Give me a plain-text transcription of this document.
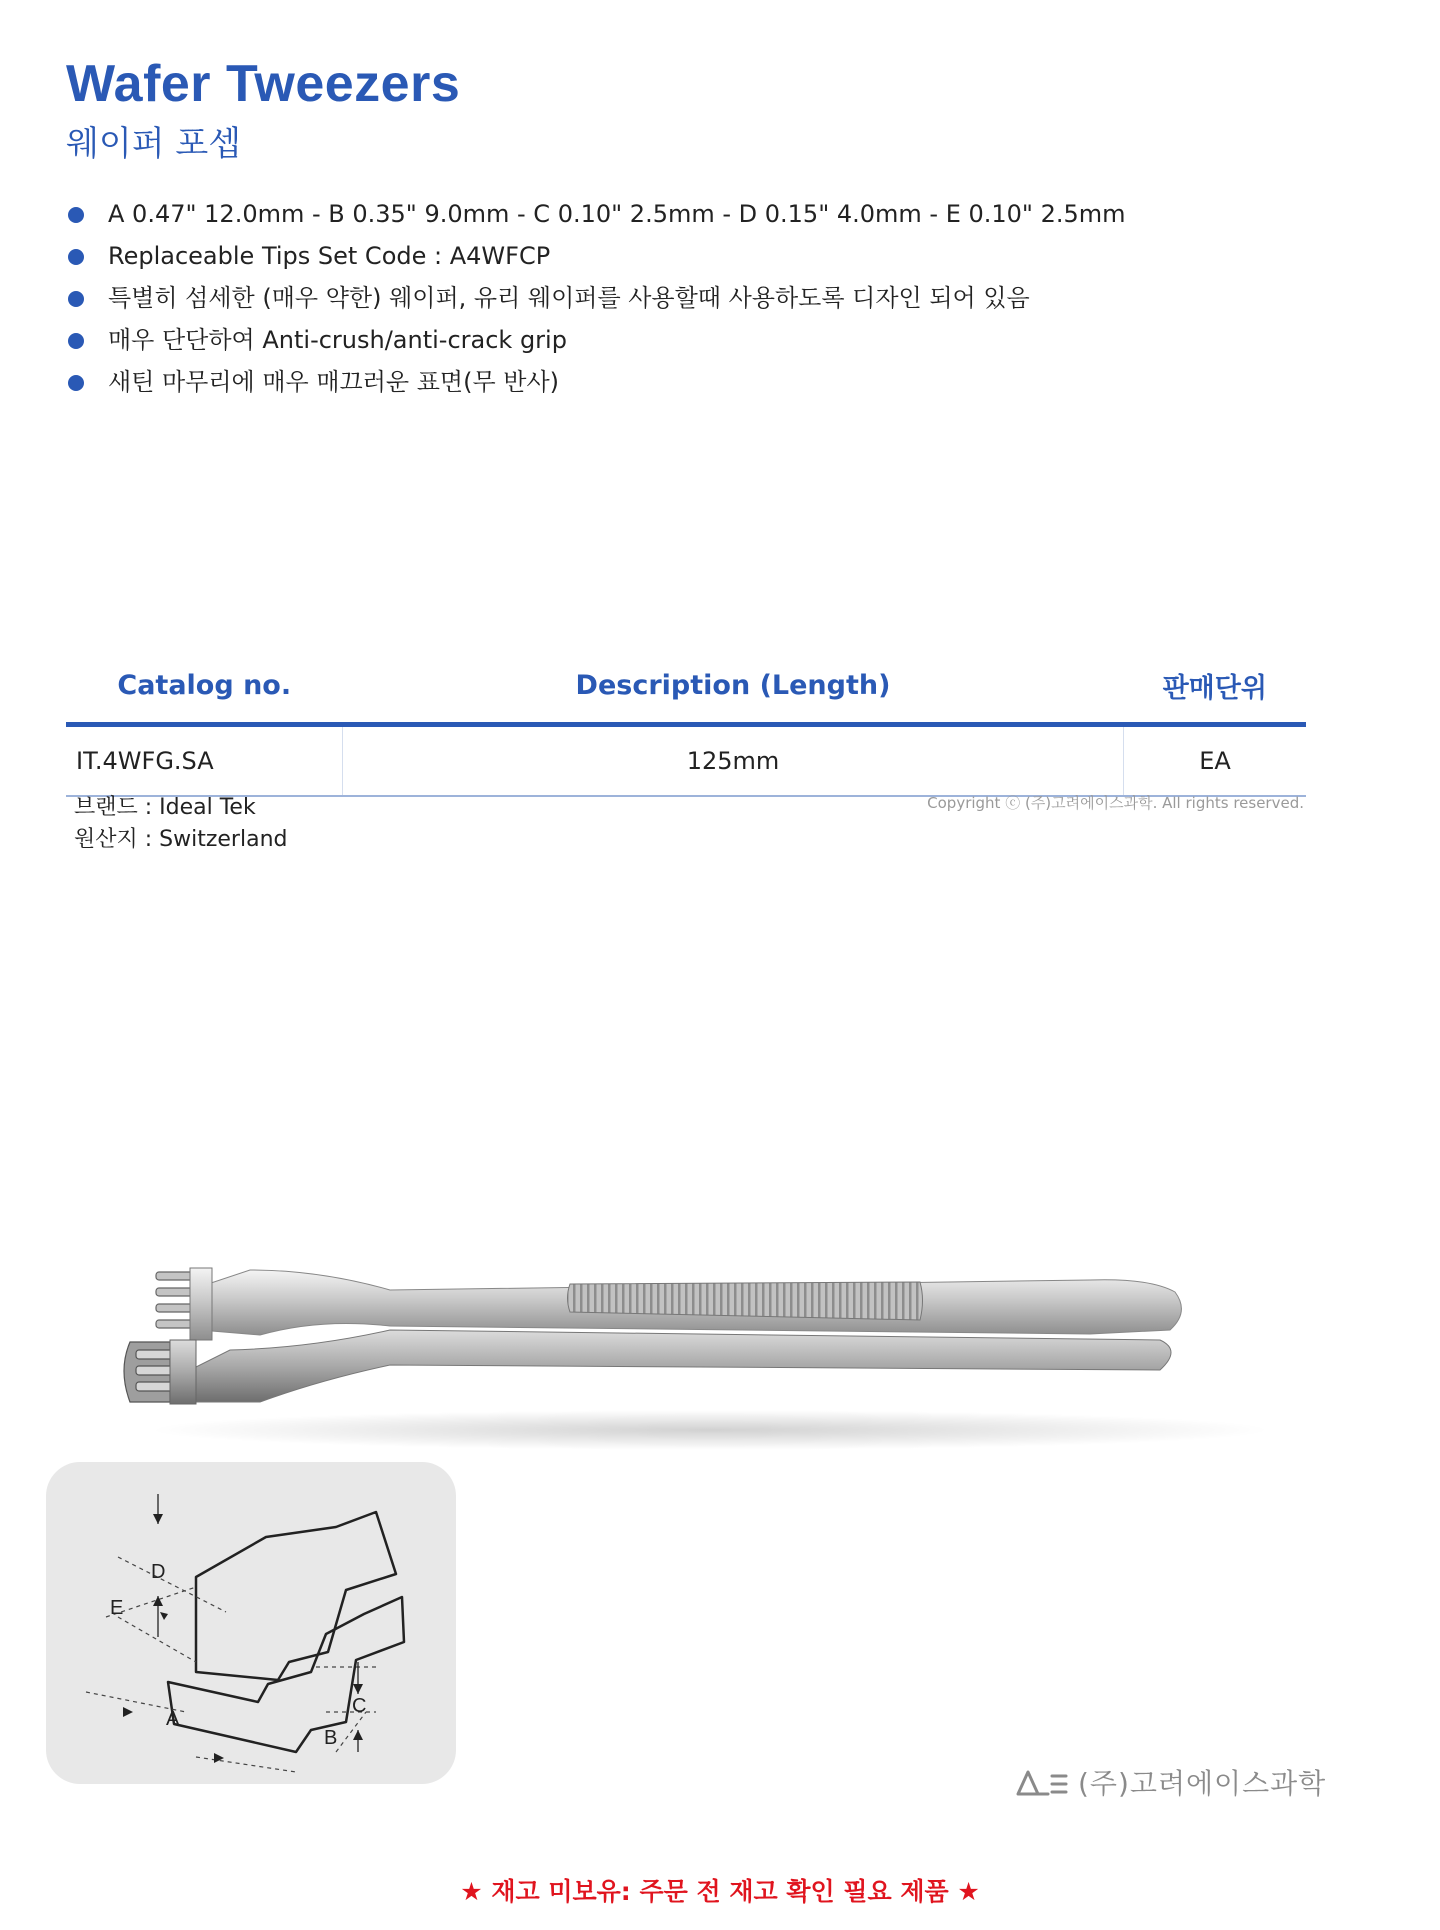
Wafer Tweezers
웨이퍼 포셉
A 0.47" 12.0mm - B 0.35" 9.0mm - C 0.10" 2.5mm - D 0.15" 4.0mm - E 0.10" 2.5mm
Replaceable Tips Set Code : A4WFCP
특별히 섬세한 (매우 약한) 웨이퍼, 유리 웨이퍼를 사용할때 사용하도록 디자인 되어 있음
매우 단단하여 Anti-crush/anti-crack grip
새틴 마무리에 매우 매끄러운 표면(무 반사)
Catalog no.	Description (Length)	판매단위
IT.4WFG.SA	125mm	EA
브랜드 : Ideal Tek
원산지 : Switzerland
Copyright ⓒ (주)고려에이스과학. All rights reserved.
D
E
A
B
C
(주)고려에이스과학
★ 재고 미보유: 주문 전 재고 확인 필요 제품 ★
